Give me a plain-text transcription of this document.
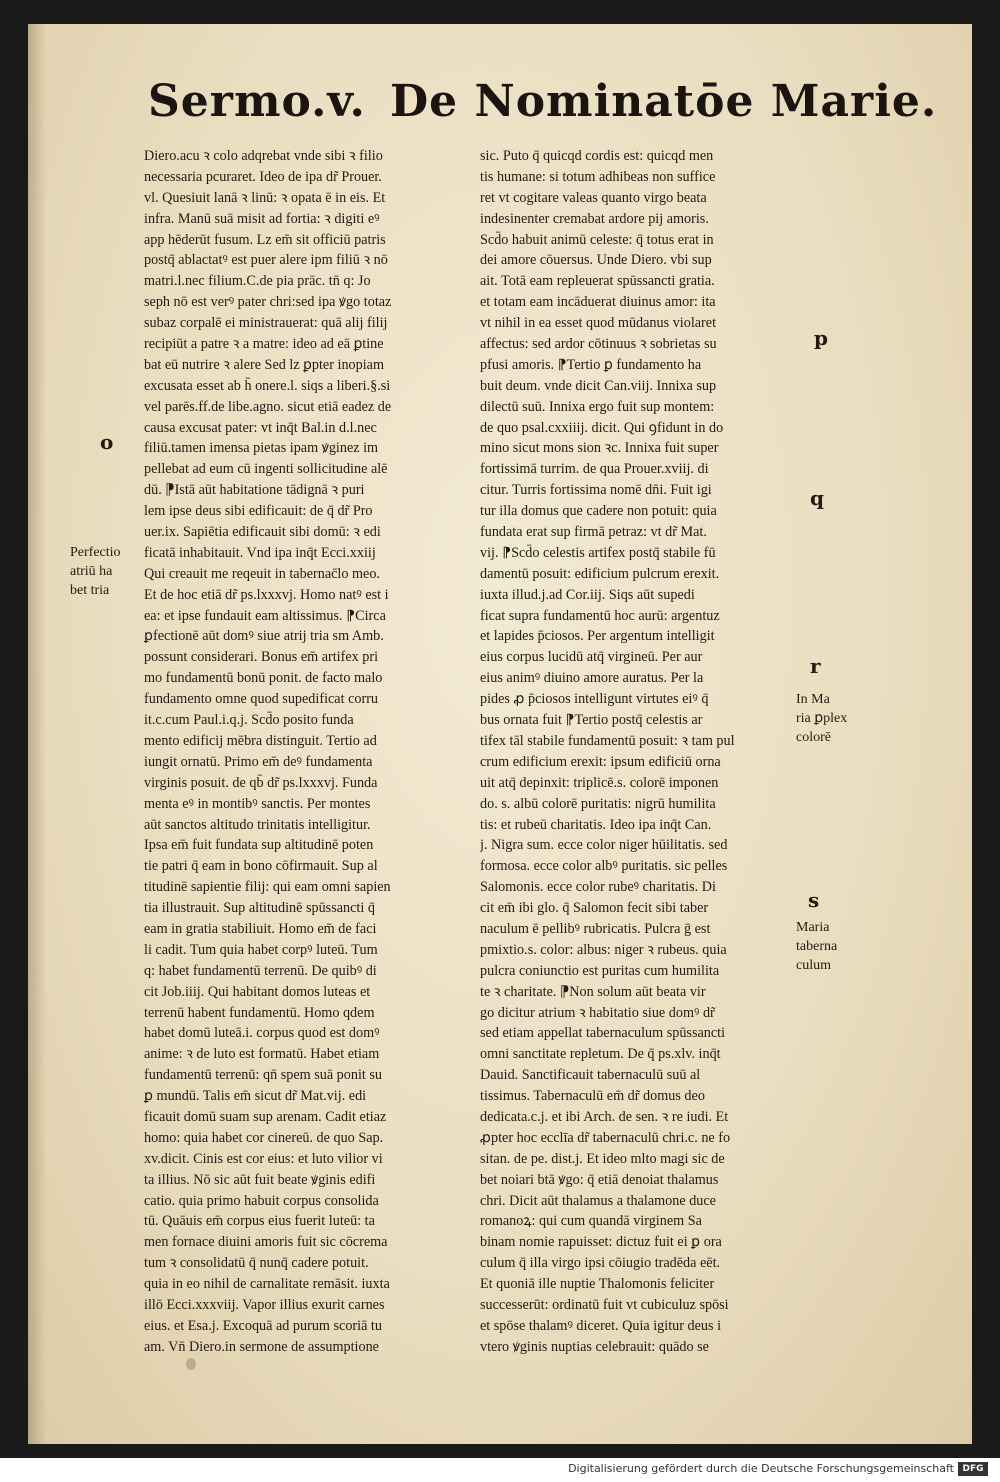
Sermo.v. De Nominatōe Marie.
Diero.acu ꝛ colo adqrebat vnde sibi ꝛ filio
necessaria pcuraret. Ideo de ipa dr̃ Prouer.
vl. Quesiuit lanā ꝛ linū: ꝛ opata ē in eis. Et
infra. Manū suā misit ad fortia: ꝛ digiti eꝰ
app hēderūt fusum. Lz em̄ sit officiū patris
postq̄ ablactatꝰ est puer alere ipm filiū ꝛ nō
matri.l.nec filium.C.de pia prāc. tn̄ q: Jo
seph nō est verꝰ pater chri:sed ipa ꝟgo totaz
subaz corpalē ei ministrauerat: quā alij filij
recipiūt a patre ꝛ a matre: ideo ad eā ꝑtine
bat eū nutrire ꝛ alere Sed lz ꝑpter inopiam
excusata esset ab h̄ onere.l. siqs a liberi.§.si
vel parēs.ff.de libe.agno. sicut etiā eadez de
causa excusat pater: vt inq̄t Bal.in d.l.nec
filiū.tamen imensa pietas ipam ꝟginez im
pellebat ad eum cū ingenti sollicitudine alē
dū. ⁋Istā aūt habitatione tādignā ꝛ puri
lem ipse deus sibi edificauit: de q̄ dr̃ Pro
uer.ix. Sapiētia edificauit sibi domū: ꝛ edi
ficatā inhabitauit. Vnd ipa inq̄t Ecci.xxiij
Qui creauit me reqeuit in tabernac̄lo meo.
Et de hoc etiā dr̃ ps.lxxxvj. Homo natꝰ est i
ea: et ipse fundauit eam altissimus. ⁋Circa
ꝑfectionē aūt domꝰ siue atrij tria sm Amb.
possunt considerari. Bonus em̄ artifex pri
mo fundamentū bonū ponit. de facto malo
fundamento omne quod supedificat corru
it.c.cum Paul.i.q.j. Scd̄o posito funda
mento edificij mēbra distinguit. Tertio ad
iungit ornatū. Primo em̄ deꝰ fundamenta
virginis posuit. de qb̄ dr̃ ps.lxxxvj. Funda
menta eꝰ in montibꝰ sanctis. Per montes
aūt sanctos altitudo trinitatis intelligitur.
Ipsa em̄ fuit fundata sup altitudinē poten
tie patri q̄ eam in bono cōfirmauit. Sup al
titudinē sapientie filij: qui eam omni sapien
tia illustrauit. Sup altitudinē spūssancti q̄
eam in gratia stabiliuit. Homo em̄ de faci
li cadit. Tum quia habet corpꝰ luteū. Tum
q: habet fundamentū terrenū. De quibꝰ di
cit Job.iiij. Qui habitant domos luteas et
terrenū habent fundamentū. Homo qdem
habet domū luteā.i. corpus quod est domꝰ
anime: ꝛ de luto est formatū. Habet etiam
fundamentū terrenū: qn̄ spem suā ponit su
ꝑ mundū. Talis em̄ sicut dr̃ Mat.vij. edi
ficauit domū suam sup arenam. Cadit etiaz
homo: quia habet cor cinereū. de quo Sap.
xv.dicit. Cinis est cor eius: et luto vilior vi
ta illius. Nō sic aūt fuit beate ꝟginis edifi
catio. quia primo habuit corpus consolida
tū. Quāuis em̄ corpus eius fuerit luteū: ta
men fornace diuini amoris fuit sic cōcrema
tum ꝛ consolidatū q̄ nunq̄ cadere potuit.
quia in eo nihil de carnalitate remāsit. iuxta
illō Ecci.xxxviij. Vapor illius exurit carnes
eius. et Esa.j. Excoquā ad purum scoriā tu
am. Vn̄ Diero.in sermone de assumptione
sic. Puto q̄ quicqd cordis est: quicqd men
tis humane: si totum adhibeas non suffice
ret vt cogitare valeas quanto virgo beata
indesinenter cremabat ardore pij amoris.
Scd̄o habuit animū celeste: q̄ totus erat in
dei amore cōuersus. Unde Diero. vbi sup
ait. Totā eam repleuerat spūssancti gratia.
et totam eam incāduerat diuinus amor: ita
vt nihil in ea esset quod mūdanus violaret
affectus: sed ardor cōtinuus ꝛ sobrietas su
pfusi amoris. ⁋Tertio ꝑ fundamento ha
buit deum. vnde dicit Can.viij. Innixa sup
dilectū suū. Innixa ergo fuit sup montem:
de quo psal.cxxiiij. dicit. Qui ꝯfidunt in do
mino sicut mons sion ꝛc. Innixa fuit super
fortissimā turrim. de qua Prouer.xviij. di
citur. Turris fortissima nomē dn̄i. Fuit igi
tur illa domus que cadere non potuit: quia
fundata erat sup firmā petraz: vt dr̃ Mat.
vij. ⁋Scd̄o celestis artifex postq̄ stabile fū
damentū posuit: edificium pulcrum erexit.
iuxta illud.j.ad Cor.iij. Siqs aūt supedi
ficat supra fundamentū hoc aurū: argentuz
et lapides p̄ciosos. Per argentum intelligit
eius corpus lucidū atq̄ virgineū. Per aur
eius animꝰ diuino amore auratus. Per la
pides ꝓ p̄ciosos intelligunt virtutes eiꝰ q̄
bus ornata fuit ⁋Tertio postq̄ celestis ar
tifex tāl stabile fundamentū posuit: ꝛ tam pul
crum edificium erexit: ipsum edificiū orna
uit atq̄ depinxit: triplicē.s. colorē imponen
do. s. albū colorē puritatis: nigrū humilita
tis: et rubeū charitatis. Ideo ipa inq̄t Can.
j. Nigra sum. ecce color niger hūilitatis. sed
formosa. ecce color albꝰ puritatis. sic pelles
Salomonis. ecce color rubeꝰ charitatis. Di
cit em̄ ibi glo. q̄ Salomon fecit sibi taber
naculum ē pellibꝰ rubricatis. Pulcra ḡ est
pmixtio.s. color: albus: niger ꝛ rubeus. quia
pulcra coniunctio est puritas cum humilita
te ꝛ charitate. ⁋Non solum aūt beata vir
go dicitur atrium ꝛ habitatio siue domꝰ dr̃
sed etiam appellat tabernaculum spūssancti
omni sanctitate repletum. De q̄ ps.xlv. inq̄t
Dauid. Sanctificauit tabernaculū suū al
tissimus. Tabernaculū em̄ dr̃ domus deo
dedicata.c.j. et ibi Arch. de sen. ꝛ re iudi. Et
ꝓpter hoc ecclīa dr̃ tabernaculū chri.c. ne fo
sitan. de pe. dist.j. Et ideo mlto magi sic de
bet noiari btā ꝟgo: q̄ etiā denoiat thalamus
chri. Dicit aūt thalamus a thalamone duce
romanoꝝ: qui cum quandā virginem Sa
binam nomie rapuisset: dictuz fuit ei ꝑ ora
culum q̄ illa virgo ipsi cōiugio tradēda eēt.
Et quoniā ille nuptie Thalomonis feliciter
successerūt: ordinatū fuit vt cubiculuz spōsi
et spōse thalamꝰ diceret. Quia igitur deus i
vtero ꝟginis nuptias celebrauit: quādo se
Perfectio
atriū ha
bet tria
In Ma
ria ꝑplex
colorē
Maria
taberna
culum
o
p
q
r
s
Digitalisierung gefördert durch die Deutsche Forschungsgemeinschaft DFG
